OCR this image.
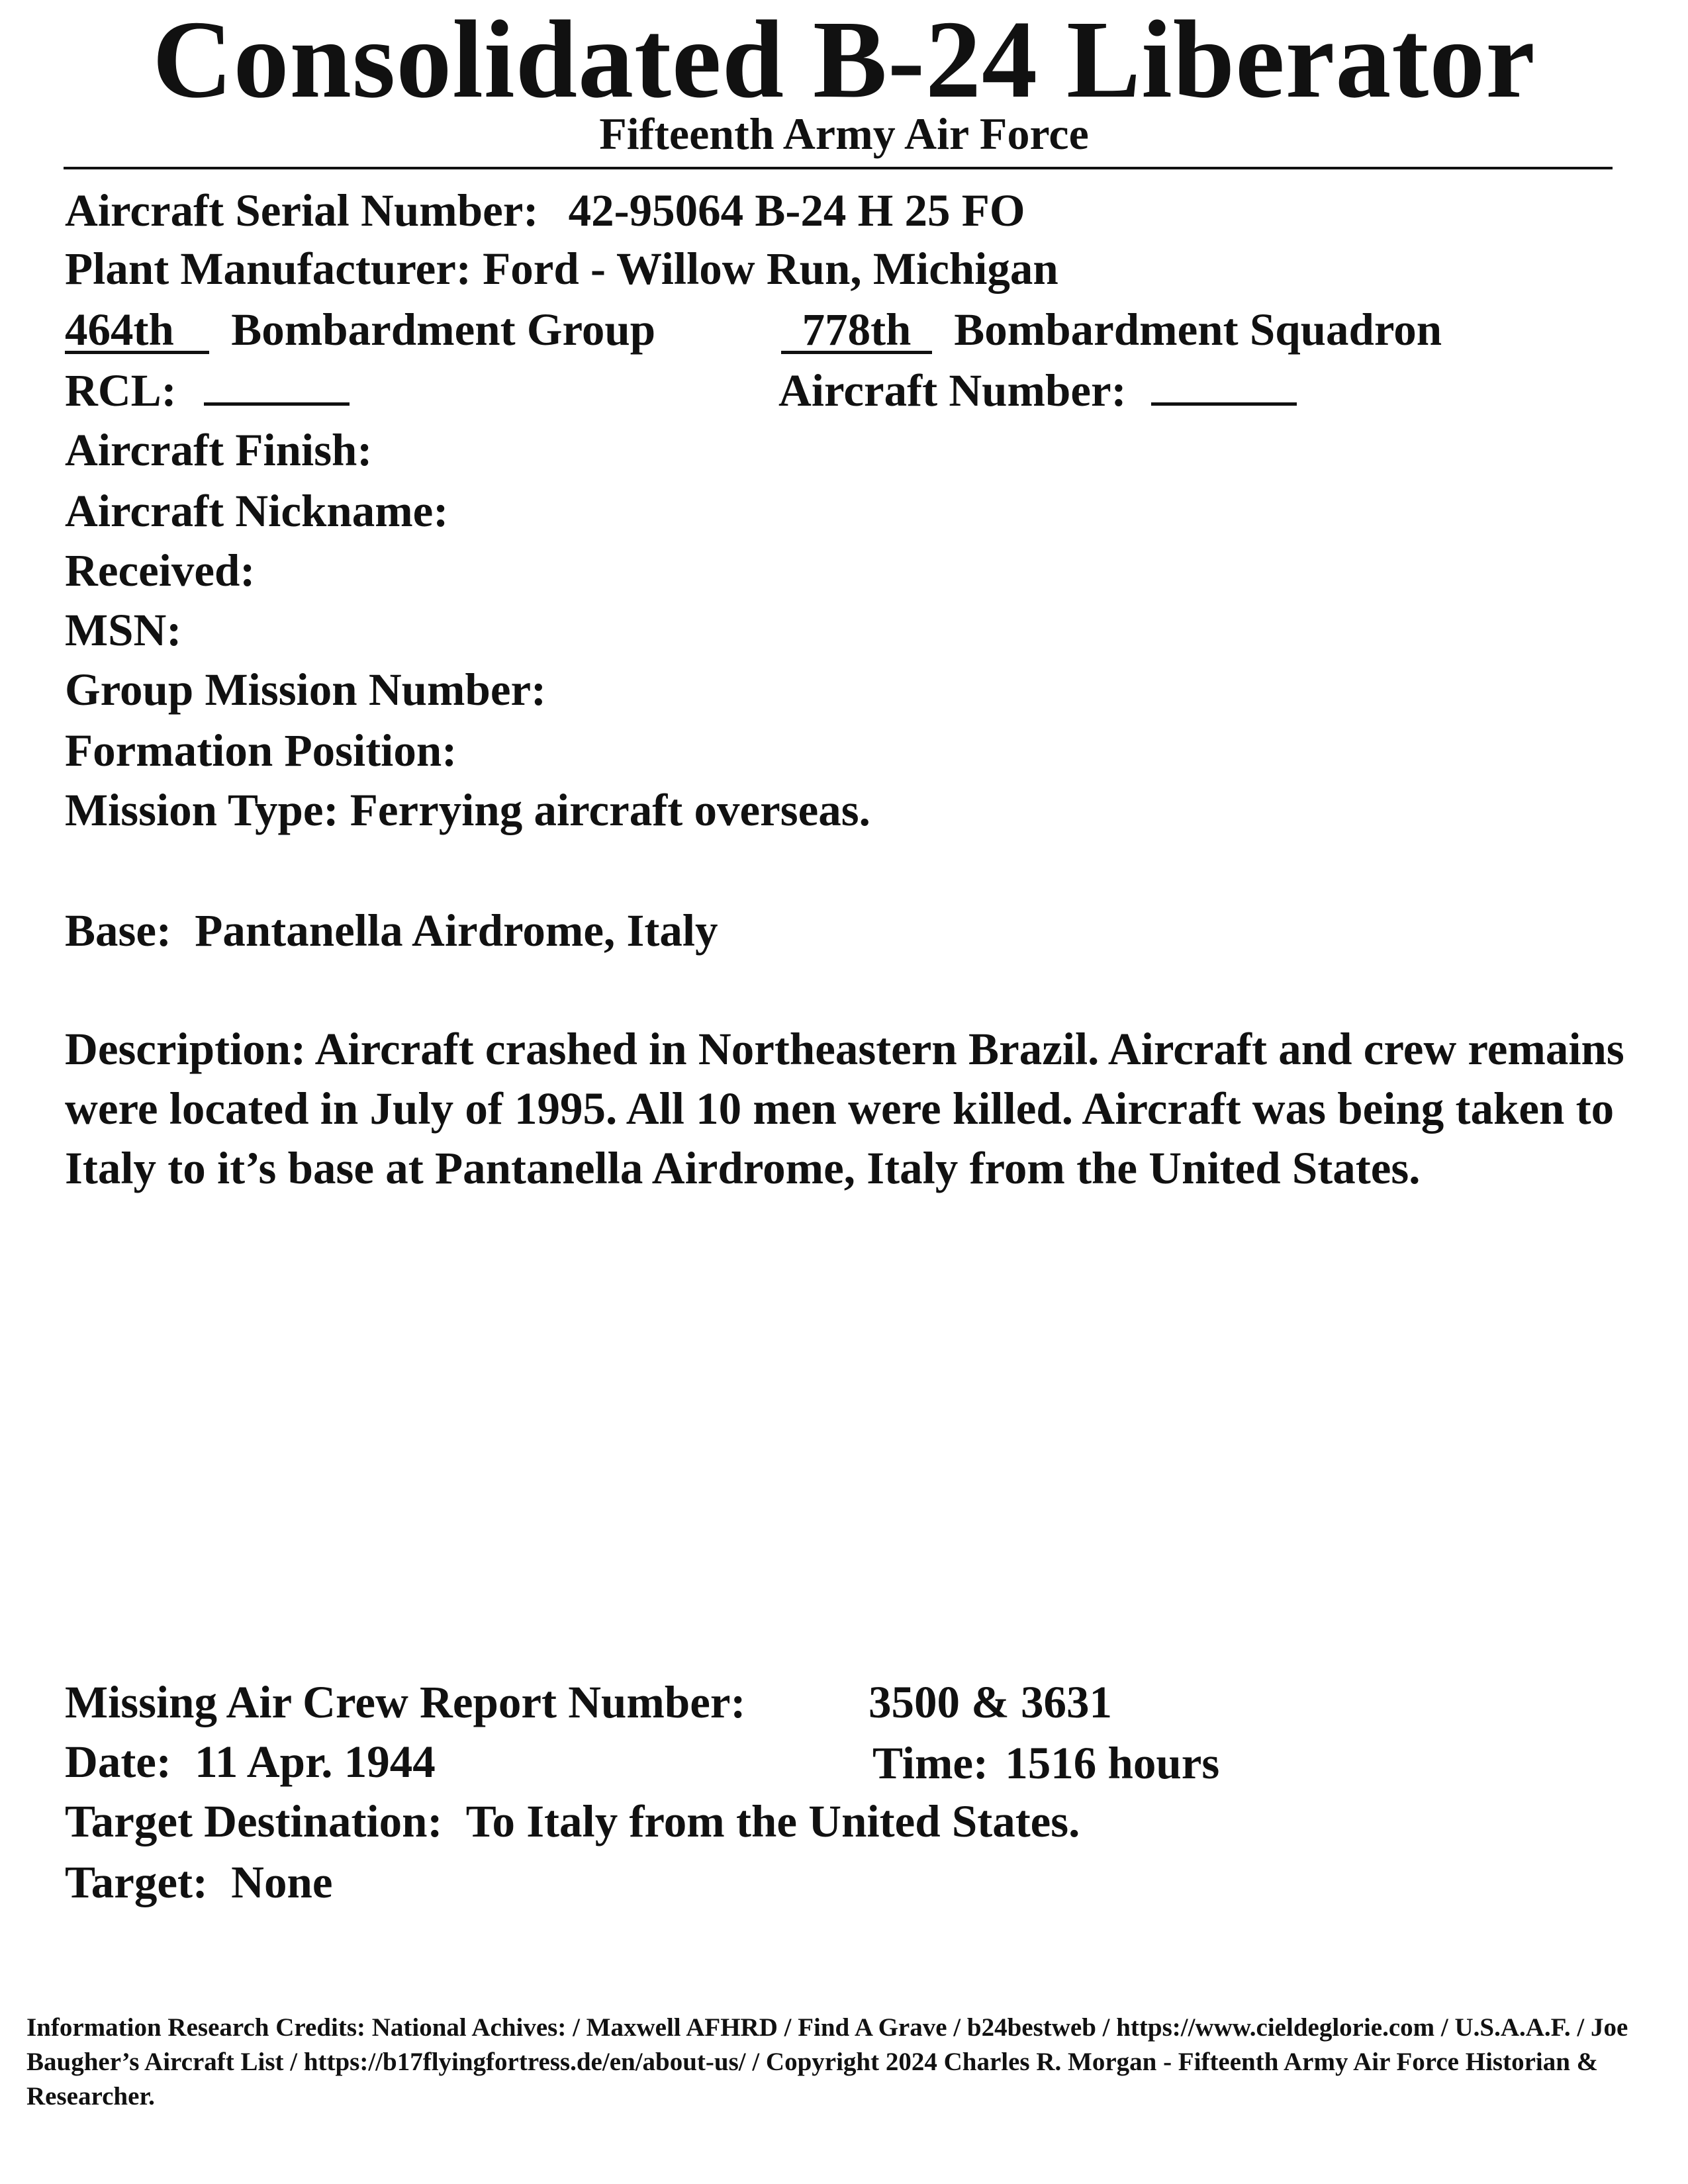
Consolidated B-24 Liberator
Fifteenth Army Air Force
Aircraft Serial Number: 42-95064 B-24 H 25 FO
Plant Manufacturer: Ford - Willow Run, Michigan
464th Bombardment Group	778th Bombardment Squadron
RCL:	Aircraft Number:
Aircraft Finish:
Aircraft Nickname:
Received:
MSN:
Group Mission Number:
Formation Position:
Mission Type: Ferrying aircraft overseas.
Base: Pantanella Airdrome, Italy
Description: Aircraft crashed in Northeastern Brazil. Aircraft and crew remains were located in July of 1995. All 10 men were killed. Aircraft was being taken to Italy to it’s base at Pantanella Airdrome, Italy from the United States.
Missing Air Crew Report Number:	3500 & 3631
Date: 11 Apr. 1944	Time: 1516 hours
Target Destination: To Italy from the United States.
Target: None
Information Research Credits: National Achives: / Maxwell AFHRD / Find A Grave / b24bestweb / https://www.cieldeglorie.com / U.S.A.A.F. / Joe Baugher’s Aircraft List / https://b17flyingfortress.de/en/about-us/ / Copyright 2024 Charles R. Morgan - Fifteenth Army Air Force Historian & Researcher.
